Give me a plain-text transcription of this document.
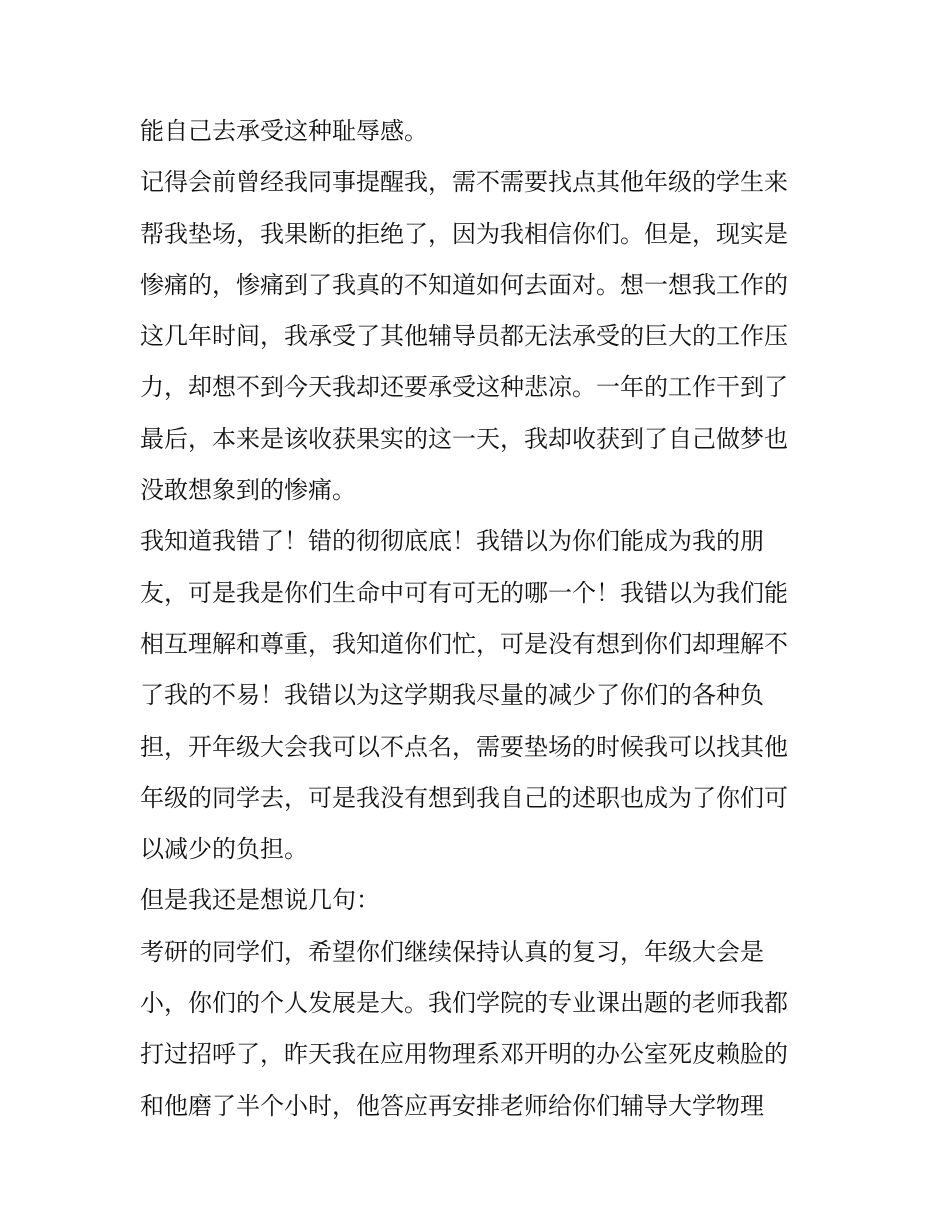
能自己去承受这种耻辱感。
记得会前曾经我同事提醒我，需不需要找点其他年级的学生来
帮我垫场，我果断的拒绝了，因为我相信你们。但是，现实是
惨痛的，惨痛到了我真的不知道如何去面对。想一想我工作的
这几年时间，我承受了其他辅导员都无法承受的巨大的工作压
力，却想不到今天我却还要承受这种悲凉。一年的工作干到了
最后，本来是该收获果实的这一天，我却收获到了自己做梦也
没敢想象到的惨痛。
我知道我错了！错的彻彻底底！我错以为你们能成为我的朋
友，可是我是你们生命中可有可无的哪一个！我错以为我们能
相互理解和尊重，我知道你们忙，可是没有想到你们却理解不
了我的不易！我错以为这学期我尽量的减少了你们的各种负
担，开年级大会我可以不点名，需要垫场的时候我可以找其他
年级的同学去，可是我没有想到我自己的述职也成为了你们可
以减少的负担。
但是我还是想说几句：
考研的同学们，希望你们继续保持认真的复习，年级大会是
小，你们的个人发展是大。我们学院的专业课出题的老师我都
打过招呼了，昨天我在应用物理系邓开明的办公室死皮赖脸的
和他磨了半个小时，他答应再安排老师给你们辅导大学物理
